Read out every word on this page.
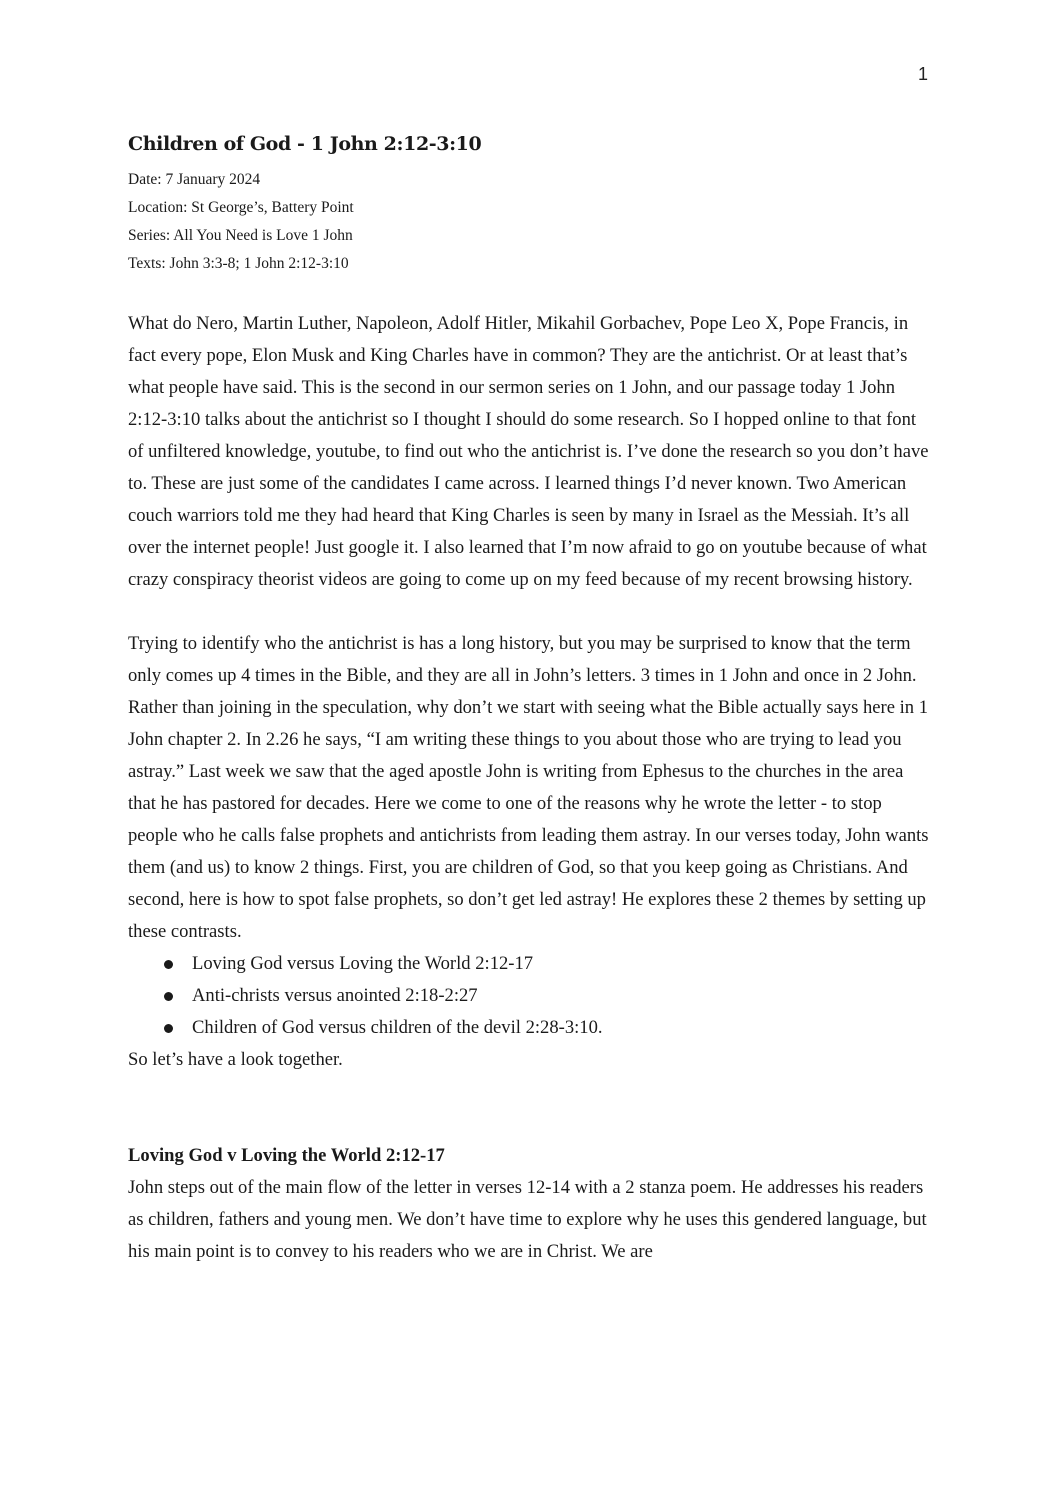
1
Children of God - 1 John 2:12-3:10

Date: 7 January 2024

Location: St George’s, Battery Point

Series: All You Need is Love 1 John

Texts: John 3:3-8; 1 John 2:12-3:10

What do Nero, Martin Luther, Napoleon, Adolf Hitler, Mikahil Gorbachev, Pope Leo X, Pope Francis, in fact every pope, Elon Musk and King Charles have in common? They are the antichrist. Or at least that’s what people have said. This is the second in our sermon series on 1 John, and our passage today 1 John 2:12-3:10 talks about the antichrist so I thought I should do some research. So I hopped online to that font of unfiltered knowledge, youtube, to find out who the antichrist is. I’ve done the research so you don’t have to. These are just some of the candidates I came across. I learned things I’d never known. Two American couch warriors told me they had heard that King Charles is seen by many in Israel as the Messiah. It’s all over the internet people! Just google it. I also learned that I’m now afraid to go on youtube because of what crazy conspiracy theorist videos are going to come up on my feed because of my recent browsing history.

Trying to identify who the antichrist is has a long history, but you may be surprised to know that the term only comes up 4 times in the Bible, and they are all in John’s letters. 3 times in 1 John and once in 2 John. Rather than joining in the speculation, why don’t we start with seeing what the Bible actually says here in 1 John chapter 2. In 2.26 he says, “I am writing these things to you about those who are trying to lead you astray.” Last week we saw that the aged apostle John is writing from Ephesus to the churches in the area that he has pastored for decades. Here we come to one of the reasons why he wrote the letter - to stop people who he calls false prophets and antichrists from leading them astray. In our verses today, John wants them (and us) to know 2 things. First, you are children of God, so that you keep going as Christians. And second, here is how to spot false prophets, so don’t get led astray! He explores these 2 themes by setting up these contrasts.

Loving God versus Loving the World 2:12-17
Anti-christs versus anointed 2:18-2:27
Children of God versus children of the devil 2:28-3:10.

So let’s have a look together.

Loving God v Loving the World 2:12-17

John steps out of the main flow of the letter in verses 12-14 with a 2 stanza poem. He addresses his readers as children, fathers and young men. We don’t have time to explore why he uses this gendered language, but his main point is to convey to his readers who we are in Christ. We are
